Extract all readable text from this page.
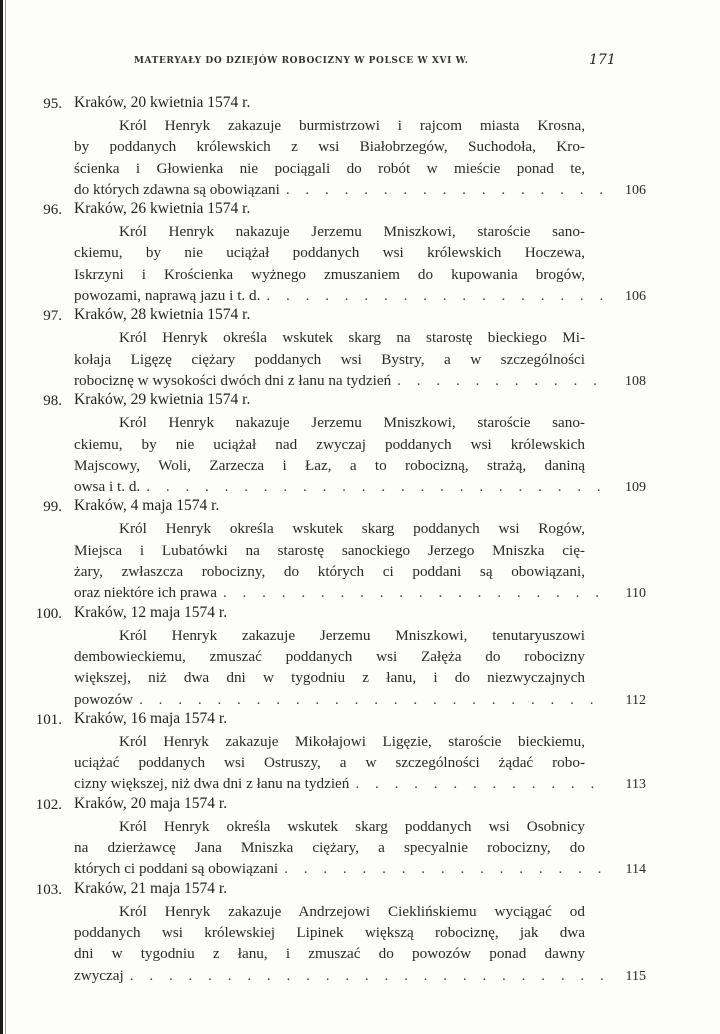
MATERYAŁY DO DZIEJÓW ROBOCIZNY W POLSCE W XVI W.	171
95. Kraków, 20 kwietnia 1574 r.
Król Henryk zakazuje burmistrzowi i rajcom miasta Krosna,
by poddanych królewskich z wsi Białobrzegów, Suchodoła, Kro-
ścienka i Głowienka nie pociągali do robót w mieście ponad te,
do których zdawna są obowiązani . . .	106
96. Kraków, 26 kwietnia 1574 r.
Król Henryk nakazuje Jerzemu Mniszkowi, staroście sano-
ckiemu, by nie uciążał poddanych wsi królewskich Hoczewa,
Iskrzyni i Krościenka wyżnego zmuszaniem do kupowania brogów,
powozami, naprawą jazu i t. d. . . .	106
97. Kraków, 28 kwietnia 1574 r.
Król Henryk określa wskutek skarg na starostę bieckiego Mi-
kołaja Ligęzę ciężary poddanych wsi Bystry, a w szczególności
robociznę w wysokości dwóch dni z łanu na tydzień . . .	108
98. Kraków, 29 kwietnia 1574 r.
Król Henryk nakazuje Jerzemu Mniszkowi, staroście sano-
ckiemu, by nie uciążał nad zwyczaj poddanych wsi królewskich
Majscowy, Woli, Zarzecza i Łaz, a to robocizną, strażą, daniną
owsa i t. d. . . .	109
99. Kraków, 4 maja 1574 r.
Król Henryk określa wskutek skarg poddanych wsi Rogów,
Miejsca i Lubatówki na starostę sanockiego Jerzego Mniszka cię-
żary, zwłaszcza robocizny, do których ci poddani są obowiązani,
oraz niektóre ich prawa . . .	110
100. Kraków, 12 maja 1574 r.
Król Henryk zakazuje Jerzemu Mniszkowi, tenutaryuszowi
dembowieckiemu, zmuszać poddanych wsi Załęża do robocizny
większej, niż dwa dni w tygodniu z łanu, i do niezwyczajnych
powozów . . .	112
101. Kraków, 16 maja 1574 r.
Król Henryk zakazuje Mikołajowi Ligęzie, staroście bieckiemu,
uciążać poddanych wsi Ostruszy, a w szczególności żądać robo-
cizny większej, niż dwa dni z łanu na tydzień . . .	113
102. Kraków, 20 maja 1574 r.
Król Henryk określa wskutek skarg poddanych wsi Osobnicy
na dzierżawcę Jana Mniszka ciężary, a specyalnie robocizny, do
których ci poddani są obowiązani . . .	114
103. Kraków, 21 maja 1574 r.
Król Henryk zakazuje Andrzejowi Cieklińskiemu wyciągać od
poddanych wsi królewskiej Lipinek większą robociznę, jak dwa
dni w tygodniu z łanu, i zmuszać do powozów ponad dawny
zwyczaj . . .	115
